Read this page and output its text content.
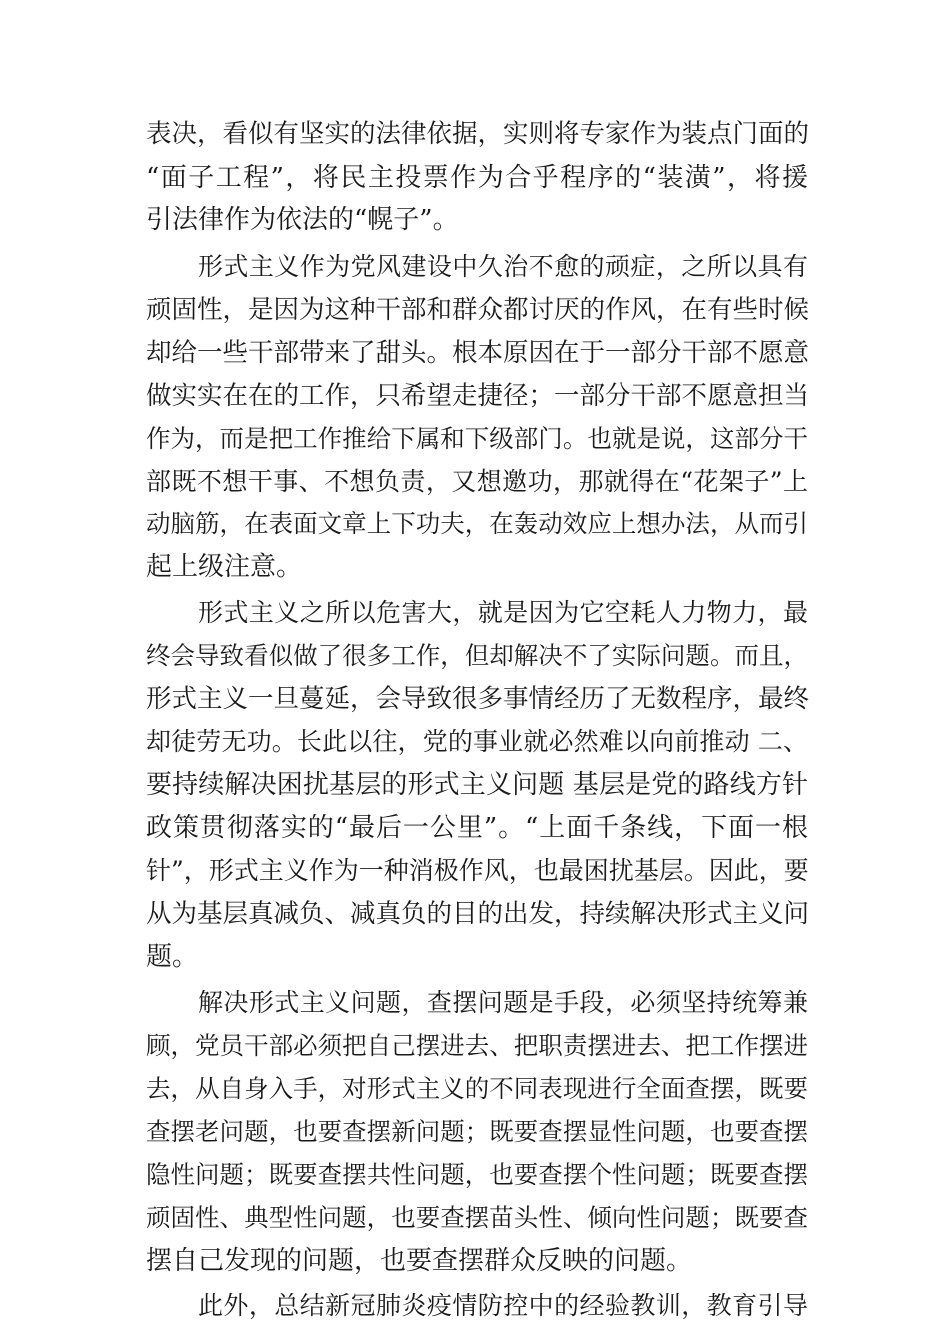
表决，看似有坚实的法律依据，实则将专家作为装点门面的
“面子工程”，将民主投票作为合乎程序的“装潢”，将援
引法律作为依法的“幌子”。
形式主义作为党风建设中久治不愈的顽症，之所以具有
顽固性，是因为这种干部和群众都讨厌的作风，在有些时候
却给一些干部带来了甜头。根本原因在于一部分干部不愿意
做实实在在的工作，只希望走捷径；一部分干部不愿意担当
作为，而是把工作推给下属和下级部门。也就是说，这部分干
部既不想干事、不想负责，又想邀功，那就得在“花架子”上
动脑筋，在表面文章上下功夫，在轰动效应上想办法，从而引
起上级注意。
形式主义之所以危害大，就是因为它空耗人力物力，最
终会导致看似做了很多工作，但却解决不了实际问题。而且，
形式主义一旦蔓延，会导致很多事情经历了无数程序，最终
却徒劳无功。长此以往，党的事业就必然难以向前推动 二、
要持续解决困扰基层的形式主义问题 基层是党的路线方针
政策贯彻落实的“最后一公里”。“上面千条线，下面一根
针”，形式主义作为一种消极作风，也最困扰基层。因此，要
从为基层真减负、减真负的目的出发，持续解决形式主义问
题。
解决形式主义问题，查摆问题是手段，必须坚持统筹兼
顾，党员干部必须把自己摆进去、把职责摆进去、把工作摆进
去，从自身入手，对形式主义的不同表现进行全面查摆，既要
查摆老问题，也要查摆新问题；既要查摆显性问题，也要查摆
隐性问题；既要查摆共性问题，也要查摆个性问题；既要查摆
顽固性、典型性问题，也要查摆苗头性、倾向性问题；既要查
摆自己发现的问题，也要查摆群众反映的问题。
此外，总结新冠肺炎疫情防控中的经验教训，教育引导
